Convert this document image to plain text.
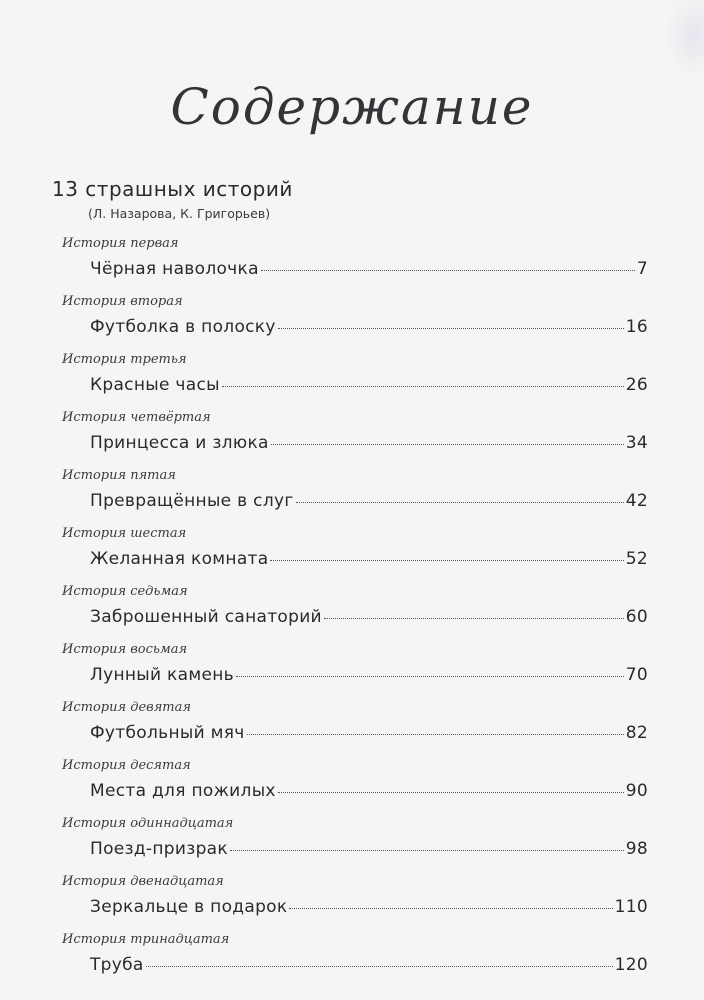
Содержание
13 страшных историй
(Л. Назарова, К. Григорьев)
История первая
Чёрная наволочка	7
История вторая
Футболка в полоску	16
История третья
Красные часы	26
История четвёртая
Принцесса и злюка	34
История пятая
Превращённые в слуг	42
История шестая
Желанная комната	52
История седьмая
Заброшенный санаторий	60
История восьмая
Лунный камень	70
История девятая
Футбольный мяч	82
История десятая
Места для пожилых	90
История одиннадцатая
Поезд-призрак	98
История двенадцатая
Зеркальце в подарок	110
История тринадцатая
Труба	120
